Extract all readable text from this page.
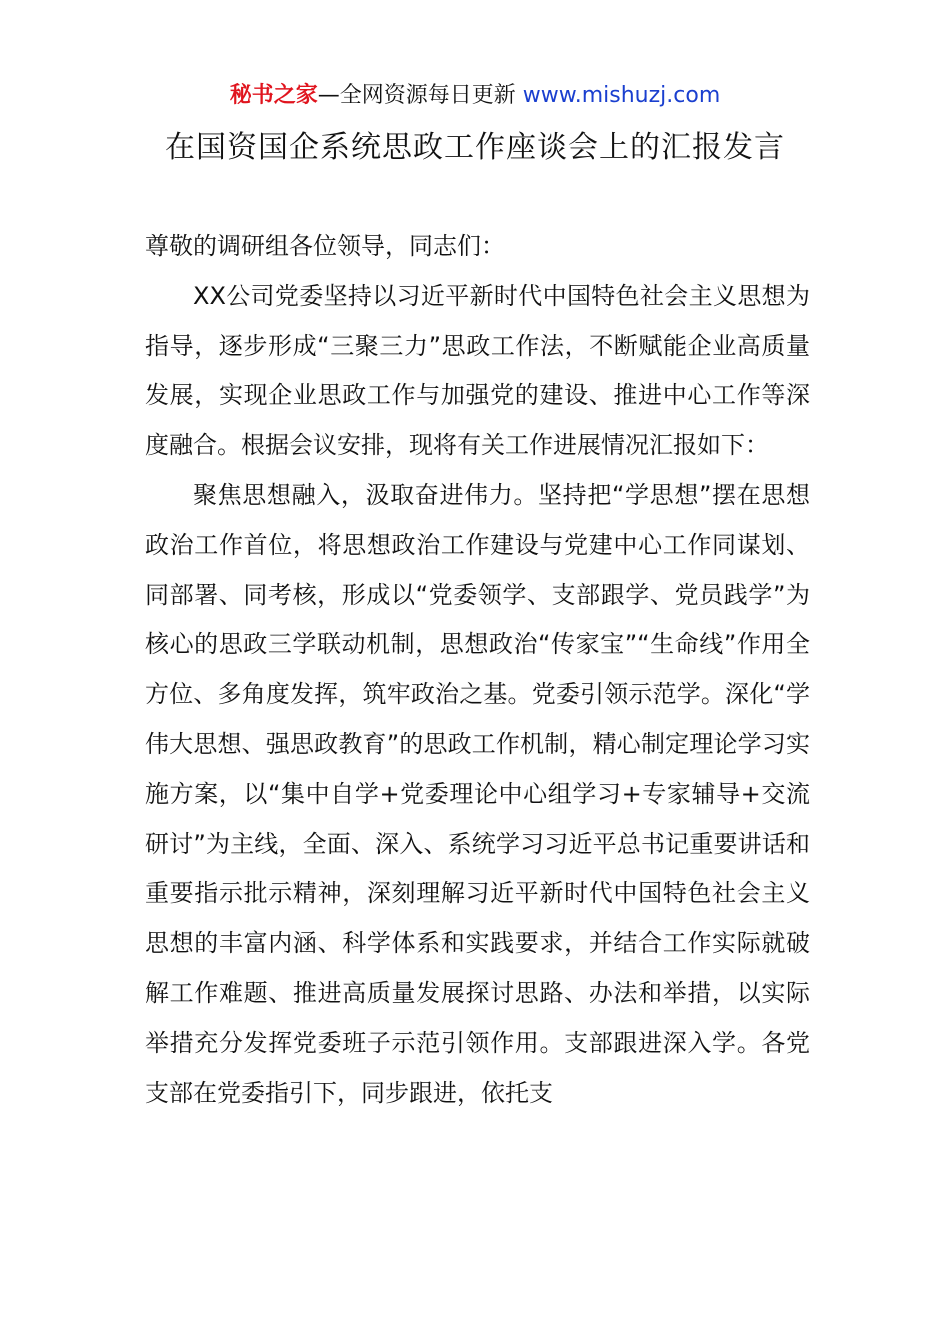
秘书之家—全网资源每日更新 www.mishuzj.com
在国资国企系统思政工作座谈会上的汇报发言

尊敬的调研组各位领导，同志们：

XX公司党委坚持以习近平新时代中国特色社会主义思想为指导，逐步形成“三聚三力”思政工作法，不断赋能企业高质量发展，实现企业思政工作与加强党的建设、推进中心工作等深度融合。根据会议安排，现将有关工作进展情况汇报如下：

聚焦思想融入，汲取奋进伟力。坚持把“学思想”摆在思想政治工作首位，将思想政治工作建设与党建中心工作同谋划、同部署、同考核，形成以“党委领学、支部跟学、党员践学”为核心的思政三学联动机制，思想政治“传家宝”“生命线”作用全方位、多角度发挥，筑牢政治之基。党委引领示范学。深化“学伟大思想、强思政教育”的思政工作机制，精心制定理论学习实施方案，以“集中自学+党委理论中心组学习+专家辅导+交流研讨”为主线，全面、深入、系统学习习近平总书记重要讲话和重要指示批示精神，深刻理解习近平新时代中国特色社会主义思想的丰富内涵、科学体系和实践要求，并结合工作实际就破解工作难题、推进高质量发展探讨思路、办法和举措，以实际举措充分发挥党委班子示范引领作用。支部跟进深入学。各党支部在党委指引下，同步跟进，依托支
